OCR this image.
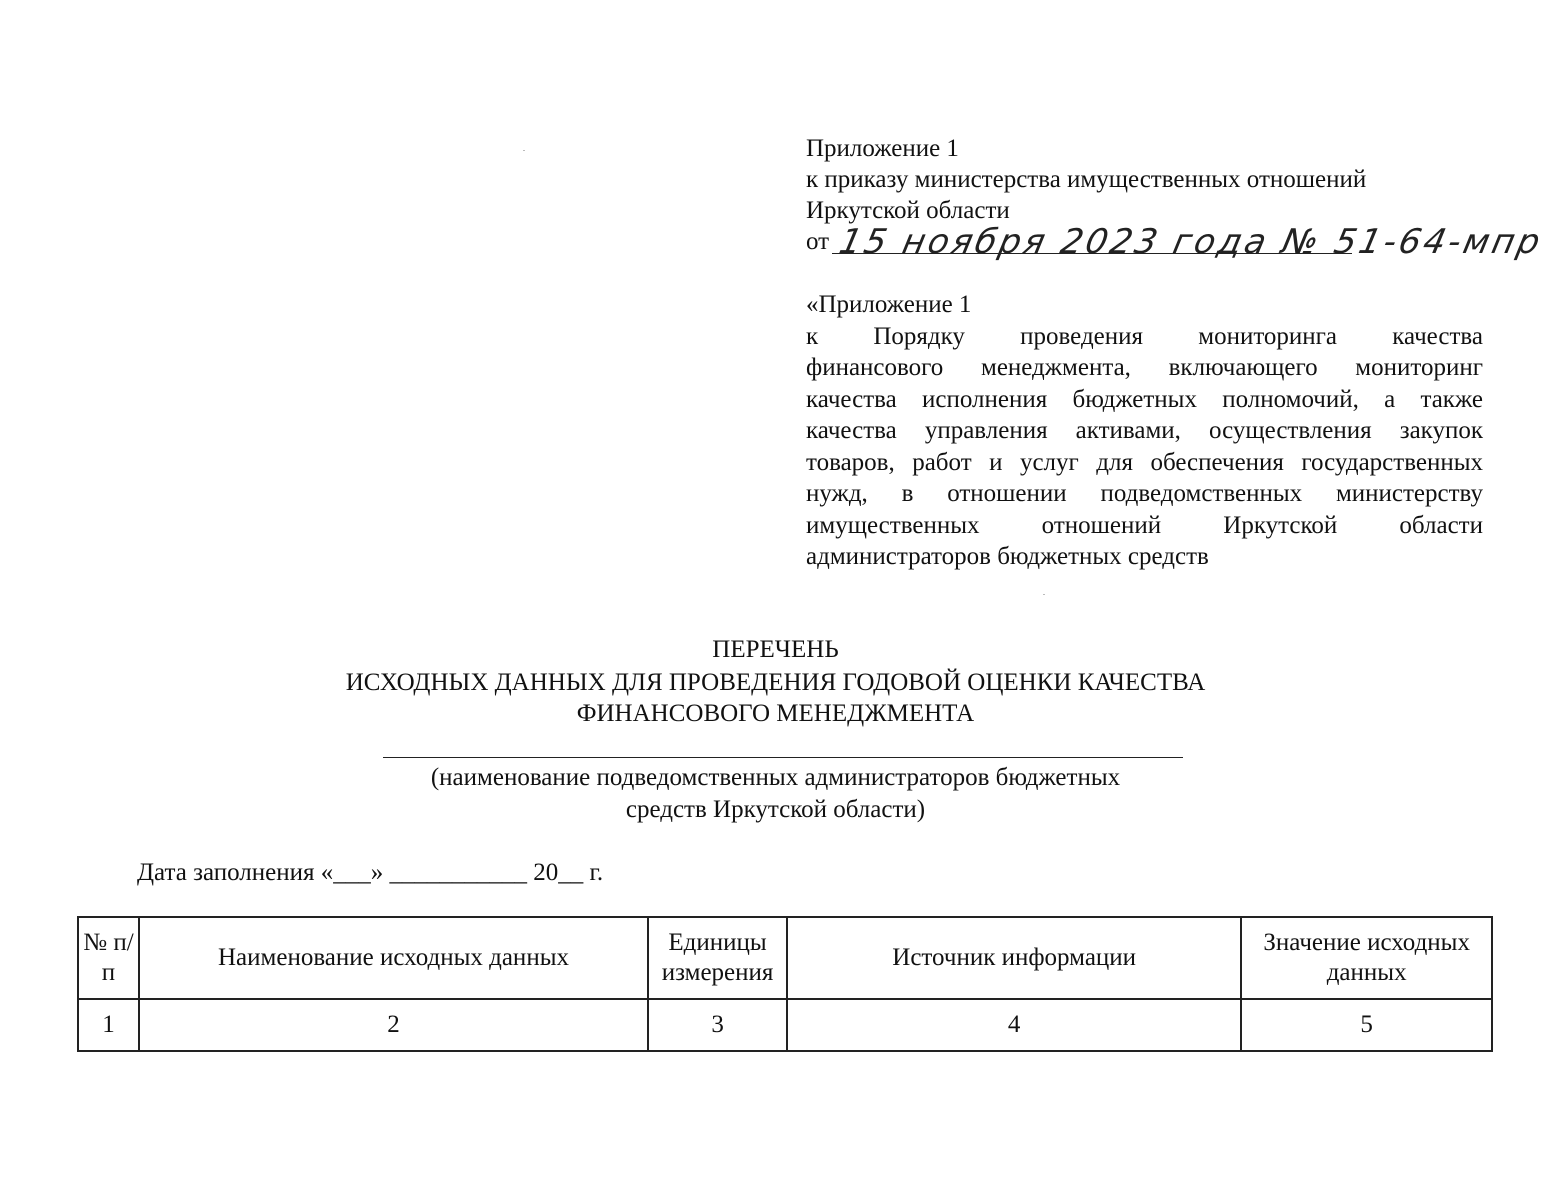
Приложение 1
к приказу министерства имущественных отношений
Иркутской области
от 15 ноября 2023 года № 51-64-мпр
«Приложение 1
к Порядку проведения мониторинга качества
финансового менеджмента, включающего мониторинг
качества исполнения бюджетных полномочий, а также
качества управления активами, осуществления закупок
товаров, работ и услуг для обеспечения государственных
нужд, в отношении подведомственных министерству
имущественных отношений Иркутской области
администраторов бюджетных средств
ПЕРЕЧЕНЬ
ИСХОДНЫХ ДАННЫХ ДЛЯ ПРОВЕДЕНИЯ ГОДОВОЙ ОЦЕНКИ КАЧЕСТВА
ФИНАНСОВОГО МЕНЕДЖМЕНТА
(наименование подведомственных администраторов бюджетных
средств Иркутской области)
Дата заполнения «___» ___________ 20__ г.
№ п/п	Наименование исходных данных	Единицы измерения	Источник информации	Значение исходных данных
1	2	3	4	5
